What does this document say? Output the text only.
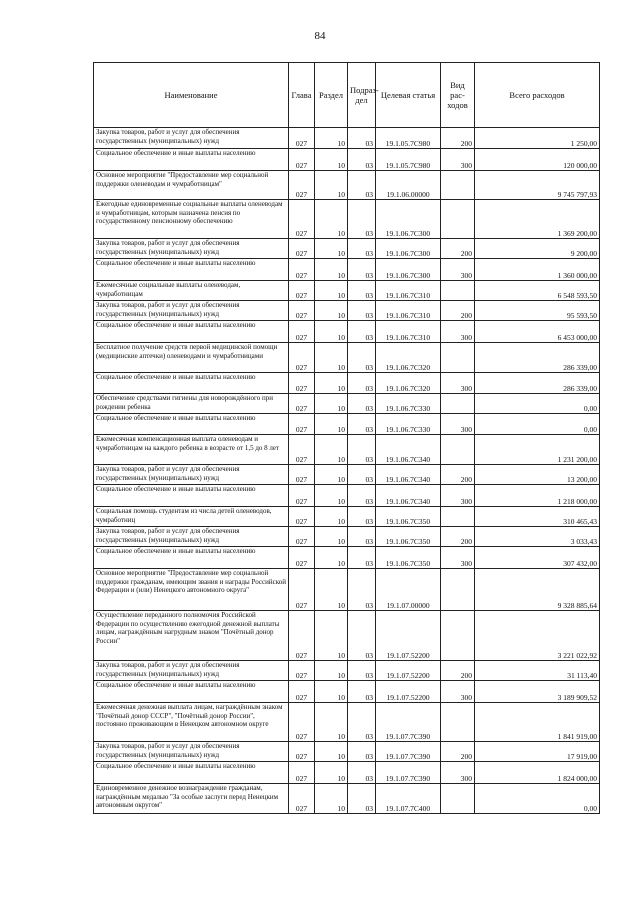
84
Наименование	Глава	Раздел	Подраз-дел	Целевая статья	Вид рас-ходов	Всего расходов
Закупка товаров, работ и услуг для обеспечения государственных (муниципальных) нужд	027	10	03	19.1.05.7С980	200	1 250,00
Социальное обеспечение и иные выплаты населению	027	10	03	19.1.05.7С980	300	120 000,00
Основное мероприятие "Предоставление мер социальной поддержки оленеводам и чумработницам"	027	10	03	19.1.06.00000		9 745 797,93
Ежегодные единовременные социальные выплаты оленеводам и чумработницам, которым назначена пенсия по государственному пенсионному обеспечению	027	10	03	19.1.06.7С300		1 369 200,00
Закупка товаров, работ и услуг для обеспечения государственных (муниципальных) нужд	027	10	03	19.1.06.7С300	200	9 200,00
Социальное обеспечение и иные выплаты населению	027	10	03	19.1.06.7С300	300	1 360 000,00
Ежемесячные социальные выплаты оленеводам, чумработницам	027	10	03	19.1.06.7С310		6 548 593,50
Закупка товаров, работ и услуг для обеспечения государственных (муниципальных) нужд	027	10	03	19.1.06.7С310	200	95 593,50
Социальное обеспечение и иные выплаты населению	027	10	03	19.1.06.7С310	300	6 453 000,00
Бесплатное получение средств первой медицинской помощи (медицинские аптечки) оленеводами и чумработницами	027	10	03	19.1.06.7С320		286 339,00
Социальное обеспечение и иные выплаты населению	027	10	03	19.1.06.7С320	300	286 339,00
Обеспечение средствами гигиены для новорождённого при рождении ребенка	027	10	03	19.1.06.7С330		0,00
Социальное обеспечение и иные выплаты населению	027	10	03	19.1.06.7С330	300	0,00
Ежемесячная компенсационная выплата оленеводам и чумработницам на каждого ребенка в возрасте от 1,5 до 8 лет	027	10	03	19.1.06.7С340		1 231 200,00
Закупка товаров, работ и услуг для обеспечения государственных (муниципальных) нужд	027	10	03	19.1.06.7С340	200	13 200,00
Социальное обеспечение и иные выплаты населению	027	10	03	19.1.06.7С340	300	1 218 000,00
Социальная помощь студентам из числа детей оленеводов, чумработниц	027	10	03	19.1.06.7С350		310 465,43
Закупка товаров, работ и услуг для обеспечения государственных (муниципальных) нужд	027	10	03	19.1.06.7С350	200	3 033,43
Социальное обеспечение и иные выплаты населению	027	10	03	19.1.06.7С350	300	307 432,00
Основное мероприятие "Предоставление мер социальной поддержки гражданам, имеющим звания и награды Российской Федерации и (или) Ненецкого автономного округа"	027	10	03	19.1.07.00000		9 328 885,64
Осуществление переданного полномочия Российской Федерации по осуществлению ежегодной денежной выплаты лицам, награждённым нагрудным знаком "Почётный донор России"	027	10	03	19.1.07.52200		3 221 022,92
Закупка товаров, работ и услуг для обеспечения государственных (муниципальных) нужд	027	10	03	19.1.07.52200	200	31 113,40
Социальное обеспечение и иные выплаты населению	027	10	03	19.1.07.52200	300	3 189 909,52
Ежемесячная денежная выплата лицам, награждённым знаком "Почётный донор СССР", "Почётный донор России", постоянно проживающим в Ненецком автономном округе	027	10	03	19.1.07.7С390		1 841 919,00
Закупка товаров, работ и услуг для обеспечения государственных (муниципальных) нужд	027	10	03	19.1.07.7С390	200	17 919,00
Социальное обеспечение и иные выплаты населению	027	10	03	19.1.07.7С390	300	1 824 000,00
Единовременное денежное вознаграждение гражданам, награждённым медалью "За особые заслуги перед Ненецким автономным округом"	027	10	03	19.1.07.7С400		0,00
